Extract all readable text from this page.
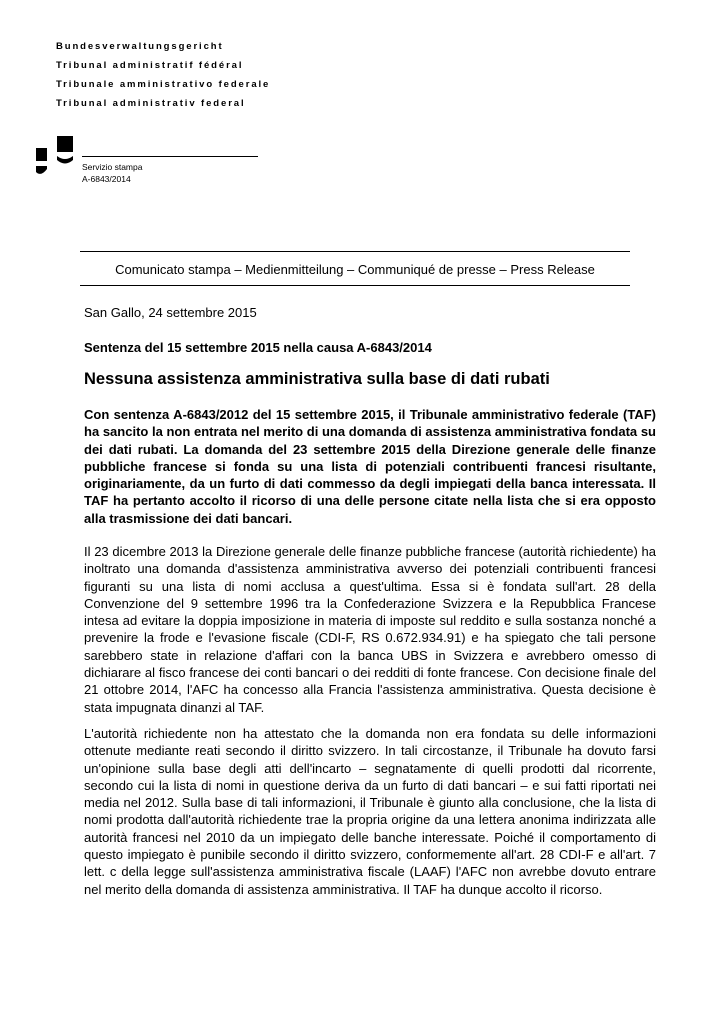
Bundesverwaltungsgericht
Tribunal administratif fédéral
Tribunale amministrativo federale
Tribunal administrativ federal
Servizio stampa
A-6843/2014
Comunicato stampa – Medienmitteilung – Communiqué de presse – Press Release
San Gallo, 24 settembre 2015
Sentenza del 15 settembre 2015 nella causa A-6843/2014
Nessuna assistenza amministrativa sulla base di dati rubati
Con sentenza A-6843/2012 del 15 settembre 2015, il Tribunale amministrativo federale (TAF) ha sancito la non entrata nel merito di una domanda di assistenza amministrativa fondata su dei dati rubati. La domanda del 23 settembre 2015 della Direzione generale delle finanze pubbliche francese si fonda su una lista di potenziali contribuenti francesi risultante, originariamente, da un furto di dati commesso da degli impiegati della banca interessata. Il TAF ha pertanto accolto il ricorso di una delle persone citate nella lista che si era opposto alla trasmissione dei dati bancari.
Il 23 dicembre 2013 la Direzione generale delle finanze pubbliche francese (autorità richiedente) ha inoltrato una domanda d'assistenza amministrativa avverso dei potenziali contribuenti francesi figuranti su una lista di nomi acclusa a quest'ultima. Essa si è fondata sull'art. 28 della Convenzione del 9 settembre 1996 tra la Confederazione Svizzera e la Repubblica Francese intesa ad evitare la doppia imposizione in materia di imposte sul reddito e sulla sostanza nonché a prevenire la frode e l'evasione fiscale (CDI-F, RS 0.672.934.91) e ha spiegato che tali persone sarebbero state in relazione d'affari con la banca UBS in Svizzera e avrebbero omesso di dichiarare al fisco francese dei conti bancari o dei redditi di fonte francese. Con decisione finale del 21 ottobre 2014, l'AFC ha concesso alla Francia l'assistenza amministrativa. Questa decisione è stata impugnata dinanzi al TAF.
L'autorità richiedente non ha attestato che la domanda non era fondata su delle informazioni ottenute mediante reati secondo il diritto svizzero. In tali circostanze, il Tribunale ha dovuto farsi un'opinione sulla base degli atti dell'incarto – segnatamente di quelli prodotti dal ricorrente, secondo cui la lista di nomi in questione deriva da un furto di dati bancari – e sui fatti riportati nei media nel 2012. Sulla base di tali informazioni, il Tribunale è giunto alla conclusione, che la lista di nomi prodotta dall'autorità richiedente trae la propria origine da una lettera anonima indirizzata alle autorità francesi nel 2010 da un impiegato delle banche interessate. Poiché il comportamento di questo impiegato è punibile secondo il diritto svizzero, conformemente all'art. 28 CDI-F e all'art. 7 lett. c della legge sull'assistenza amministrativa fiscale (LAAF) l'AFC non avrebbe dovuto entrare nel merito della domanda di assistenza amministrativa. Il TAF ha dunque accolto il ricorso.
